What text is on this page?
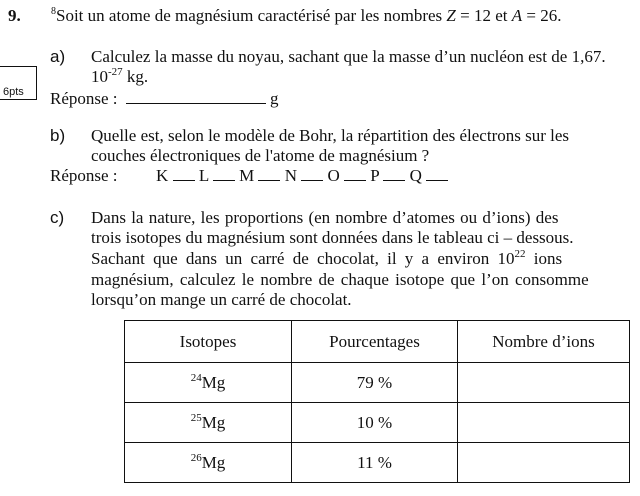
9.	$^8$Soit un atome de magnésium caractérisé par les nombres Z = 12 et A = 26.
6pts
a) Calculez la masse du noyau, sachant que la masse d’un nucléon est de 1,67.
$10^{-27}$ kg.
Réponse :	g
b) Quelle est, selon le modèle de Bohr, la répartition des électrons sur les
couches électroniques de l'atome de magnésium ?
Réponse : K L M N O P Q
c) Dans la nature, les proportions (en nombre d’atomes ou d’ions) des
trois isotopes du magnésium sont données dans le tableau ci – dessous.
Sachant que dans un carré de chocolat, il y a environ $10^{22}$ ions
magnésium, calculez le nombre de chaque isotope que l’on consomme
lorsqu’on mange un carré de chocolat.
Isotopes	Pourcentages	Nombre d’ions
$^{24}$Mg	79 %	
$^{25}$Mg	10 %	
$^{26}$Mg	11 %	
